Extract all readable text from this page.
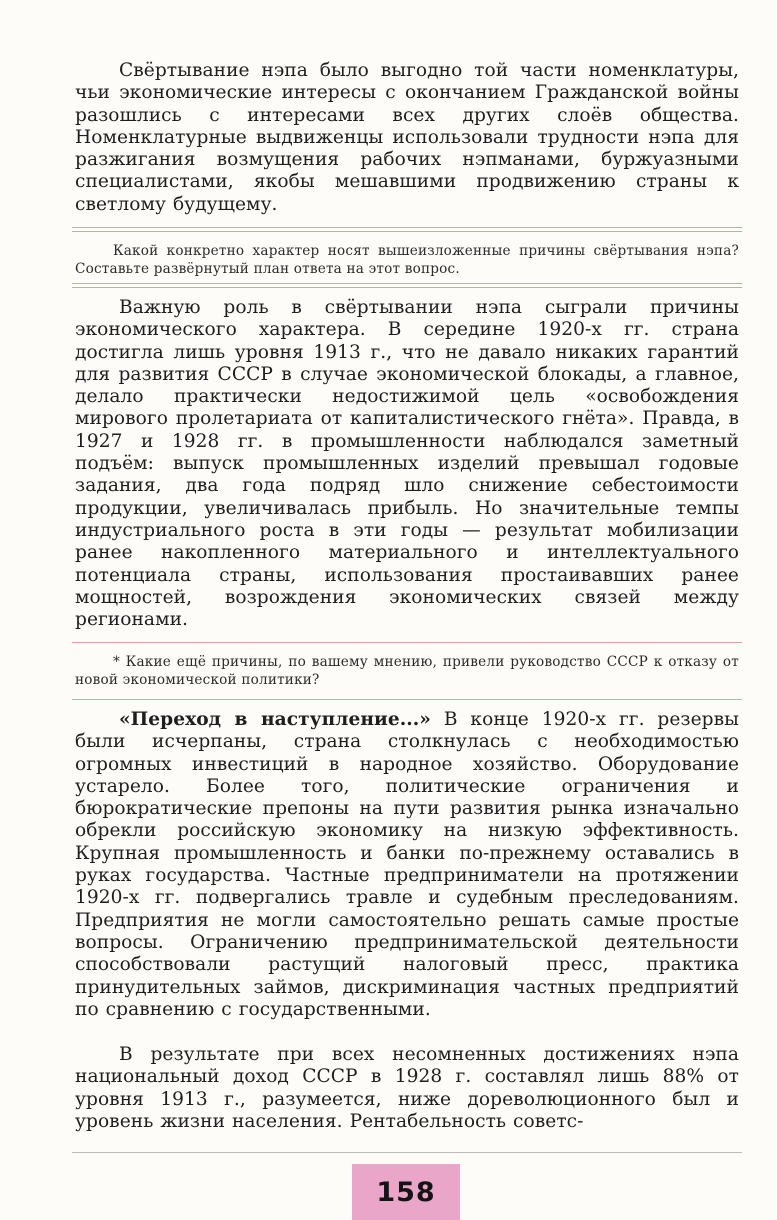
Свёртывание нэпа было выгодно той части номенклатуры, чьи экономические интересы с окончанием Гражданской войны разошлись с интересами всех других слоёв общества. Номенклатурные выдвиженцы использовали трудности нэпа для разжигания возмущения рабочих нэпманами, буржуазными специалистами, якобы мешавшими продвижению страны к светлому будущему.

Какой конкретно характер носят вышеизложенные причины свёртывания нэпа? Составьте развёрнутый план ответа на этот вопрос.

Важную роль в свёртывании нэпа сыграли причины экономического характера. В середине 1920-х гг. страна достигла лишь уровня 1913 г., что не давало никаких гарантий для развития СССР в случае экономической блокады, а главное, делало практически недостижимой цель «освобождения мирового пролетариата от капиталистического гнёта». Правда, в 1927 и 1928 гг. в промышленности наблюдался заметный подъём: выпуск промышленных изделий превышал годовые задания, два года подряд шло снижение себестоимости продукции, увеличивалась прибыль. Но значительные темпы индустриального роста в эти годы — результат мобилизации ранее накопленного материального и интеллектуального потенциала страны, использования простаивавших ранее мощностей, возрождения экономических связей между регионами.

* Какие ещё причины, по вашему мнению, привели руководство СССР к отказу от новой экономической политики?

«Переход в наступление...» В конце 1920-х гг. резервы были исчерпаны, страна столкнулась с необходимостью огромных инвестиций в народное хозяйство. Оборудование устарело. Более того, политические ограничения и бюрократические препоны на пути развития рынка изначально обрекли российскую экономику на низкую эффективность. Крупная промышленность и банки по-прежнему оставались в руках государства. Частные предприниматели на протяжении 1920-х гг. подвергались травле и судебным преследованиям. Предприятия не могли самостоятельно решать самые простые вопросы. Ограничению предпринимательской деятельности способствовали растущий налоговый пресс, практика принудительных займов, дискриминация частных предприятий по сравнению с государственными.

В результате при всех несомненных достижениях нэпа национальный доход СССР в 1928 г. составлял лишь 88% от уровня 1913 г., разумеется, ниже дореволюционного был и уровень жизни населения. Рентабельность советс-

158
